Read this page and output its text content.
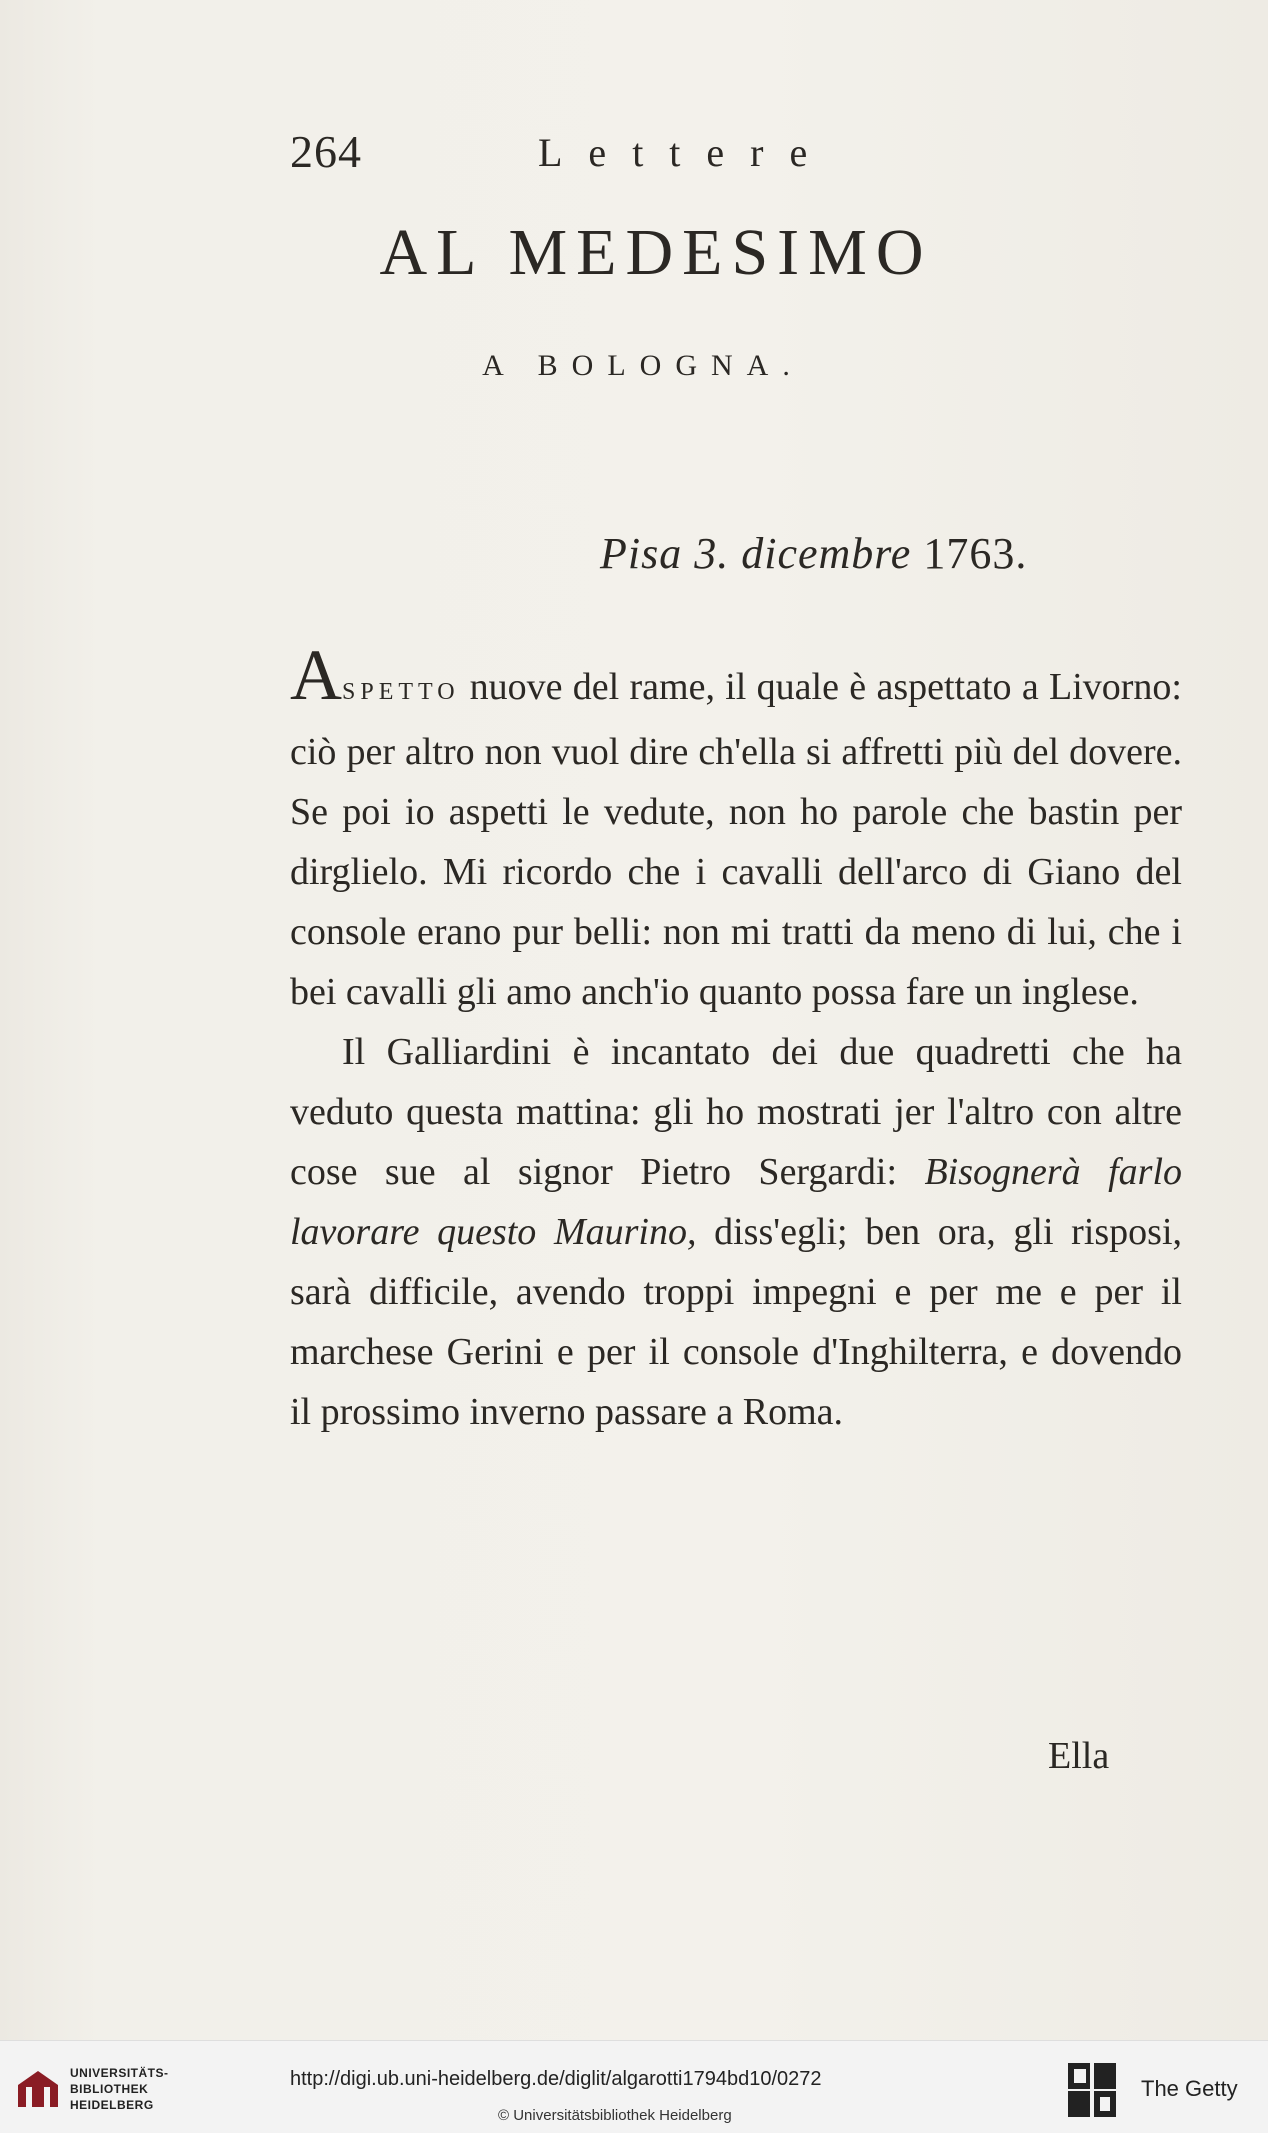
264	Lettere
AL MEDESIMO
A BOLOGNA.
Pisa 3. dicembre 1763.

ASPETTO nuove del rame, il quale è aspettato a Livorno: ciò per altro non vuol dire ch'ella si affretti più del dovere. Se poi io aspetti le vedute, non ho parole che bastin per dirglielo. Mi ricordo che i cavalli dell'arco di Giano del console erano pur belli: non mi tratti da meno di lui, che i bei cavalli gli amo anch'io quanto possa fare un inglese.

Il Galliardini è incantato dei due quadretti che ha veduto questa mattina: gli ho mostrati jer l'altro con altre cose sue al signor Pietro Sergardi: Bisognerà farlo lavorare questo Maurino, diss'egli; ben ora, gli risposi, sarà difficile, avendo troppi impegni e per me e per il marchese Gerini e per il console d'Inghilterra, e dovendo il prossimo inverno passare a Roma.

Ella
UNIVERSITÄTS-
BIBLIOTHEK
HEIDELBERG
http://digi.ub.uni-heidelberg.de/diglit/algarotti1794bd10/0272
© Universitätsbibliothek Heidelberg
The Getty
